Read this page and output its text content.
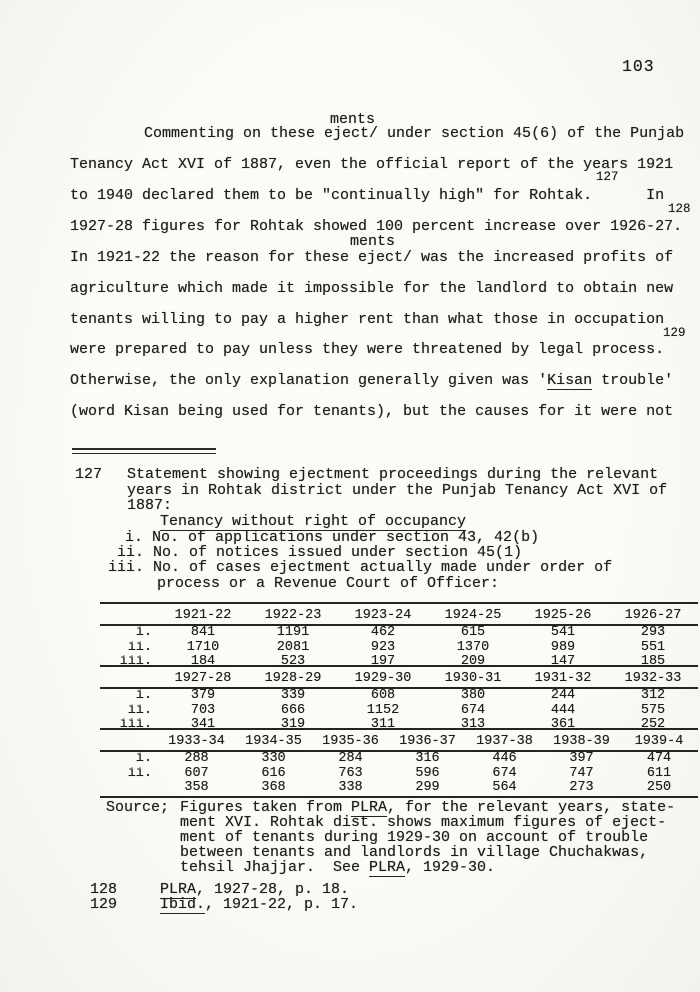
103
ments
Commenting on these eject/ under section 45(6) of the Punjab
Tenancy Act XVI of 1887, even the official report of the years 1921
127
to 1940 declared them to be "continually high" for Rohtak.      In
128
1927-28 figures for Rohtak showed 100 percent increase over 1926-27.
ments
In 1921-22 the reason for these eject/ was the increased profits of
agriculture which made it impossible for the landlord to obtain new
tenants willing to pay a higher rent than what those in occupation
129
were prepared to pay unless they were threatened by legal process.
Otherwise, the only explanation generally given was 'Kisan trouble'
(word Kisan being used for tenants), but the causes for it were not
127 Statement showing ejectment proceedings during the relevant
years in Rohtak district under the Punjab Tenancy Act XVI of
1887:
Tenancy without right of occupancy
i. No. of applications under section 43, 42(b)
ii. No. of notices issued under section 45(1)
iii. No. of cases ejectment actually made under order of
process or a Revenue Court of Officer:
	1921-22	1922-23	1923-24	1924-25	1925-26	1926-27
i.	841	1191	462	615	541	293
ii.	1710	2081	923	1370	989	551
iii.	184	523	197	209	147	185
	1927-28	1928-29	1929-30	1930-31	1931-32	1932-33
i.	379	339	608	380	244	312
ii.	703	666	1152	674	444	575
iii.	341	319	311	313	361	252
	1933-34	1934-35	1935-36	1936-37	1937-38	1938-39	1939-4
i.	288	330	284	316	446	397	474
ii.	607	616	763	596	674	747	611
	358	368	338	299	564	273	250
Source; Figures taken from PLRA, for the relevant years, state-
ment XVI. Rohtak dist. shows maximum figures of eject-
ment of tenants during 1929-30 on account of trouble
between tenants and landlords in village Chuchakwas,
tehsil Jhajjar.  See PLRA, 1929-30.
128	PLRA, 1927-28, p. 18.
129	Ibid., 1921-22, p. 17.
